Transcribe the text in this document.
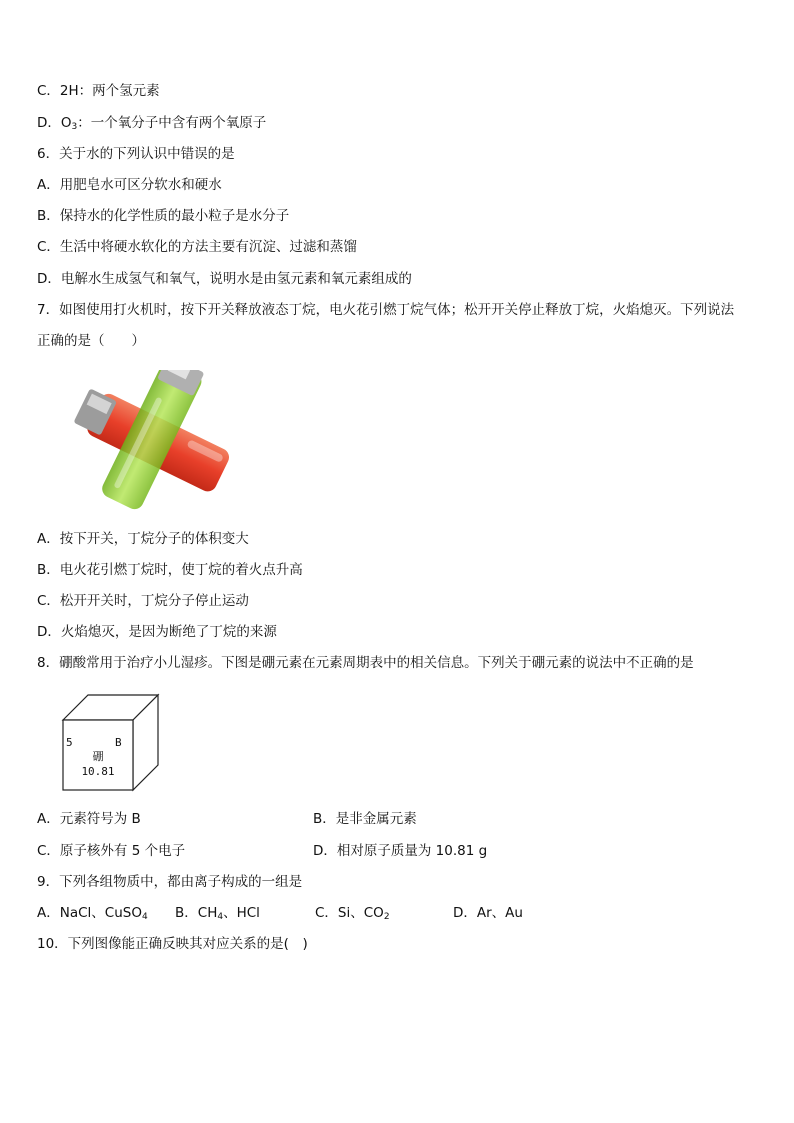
C．2H：两个氢元素
D．$O_3$：一个氧分子中含有两个氧原子
6．关于水的下列认识中错误的是
A．用肥皂水可区分软水和硬水
B．保持水的化学性质的最小粒子是水分子
C．生活中将硬水软化的方法主要有沉淀、过滤和蒸馏
D．电解水生成氢气和氧气，说明水是由氢元素和氧元素组成的
7．如图使用打火机时，按下开关释放液态丁烷，电火花引燃丁烷气体；松开开关停止释放丁烷，火焰熄灭。下列说法
正确的是（　　）
A．按下开关，丁烷分子的体积变大
B．电火花引燃丁烷时，使丁烷的着火点升高
C．松开开关时，丁烷分子停止运动
D．火焰熄灭，是因为断绝了丁烷的来源
8．硼酸常用于治疗小儿湿疹。下图是硼元素在元素周期表中的相关信息。下列关于硼元素的说法中不正确的是
5	B
硼
10.81
A．元素符号为 B	B．是非金属元素
C．原子核外有 5 个电子	D．相对原子质量为 10.81 g
9．下列各组物质中，都由离子构成的一组是
A．NaCl、CuSO$_4$ B．$CH_4$、HCl	C．Si、$CO_2$	D．Ar、Au
10．下列图像能正确反映其对应关系的是(　)
